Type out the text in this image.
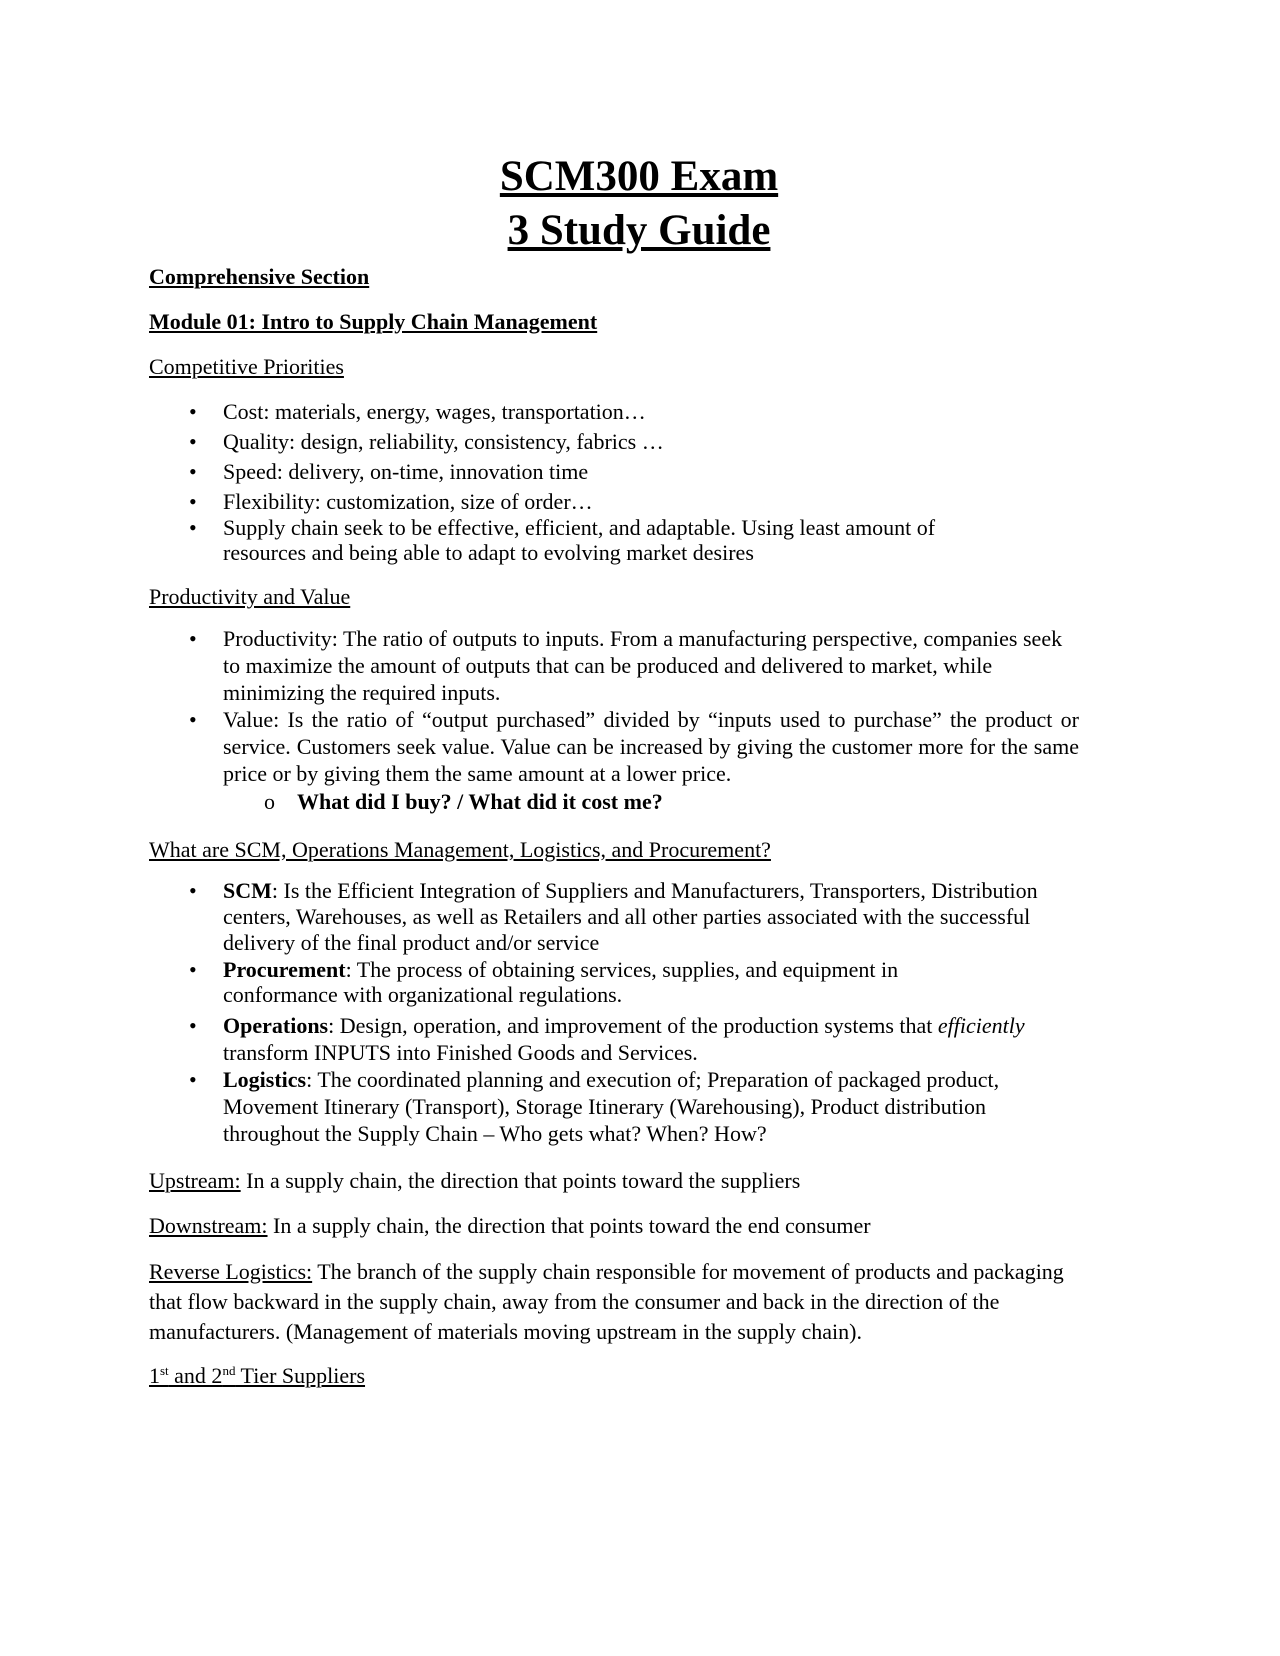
SCM300 Exam
3 Study Guide
Comprehensive Section
Module 01: Intro to Supply Chain Management
Competitive Priorities
• Cost: materials, energy, wages, transportation…
• Quality: design, reliability, consistency, fabrics …
• Speed: delivery, on-time, innovation time
• Flexibility: customization, size of order…
• Supply chain seek to be effective, efficient, and adaptable. Using least amount of resources and being able to adapt to evolving market desires
Productivity and Value
• Productivity: The ratio of outputs to inputs. From a manufacturing perspective, companies seek to maximize the amount of outputs that can be produced and delivered to market, while minimizing the required inputs.
• Value: Is the ratio of “output purchased” divided by “inputs used to purchase” the product or service. Customers seek value. Value can be increased by giving the customer more for the same price or by giving them the same amount at a lower price.
o What did I buy? / What did it cost me?
What are SCM, Operations Management, Logistics, and Procurement?
• SCM: Is the Efficient Integration of Suppliers and Manufacturers, Transporters, Distribution centers, Warehouses, as well as Retailers and all other parties associated with the successful delivery of the final product and/or service
• Procurement: The process of obtaining services, supplies, and equipment in conformance with organizational regulations.
• Operations: Design, operation, and improvement of the production systems that efficiently transform INPUTS into Finished Goods and Services.
• Logistics: The coordinated planning and execution of; Preparation of packaged product, Movement Itinerary (Transport), Storage Itinerary (Warehousing), Product distribution throughout the Supply Chain – Who gets what? When? How?
Upstream: In a supply chain, the direction that points toward the suppliers
Downstream: In a supply chain, the direction that points toward the end consumer
Reverse Logistics: The branch of the supply chain responsible for movement of products and packaging that flow backward in the supply chain, away from the consumer and back in the direction of the manufacturers. (Management of materials moving upstream in the supply chain).
1st and 2nd Tier Suppliers
